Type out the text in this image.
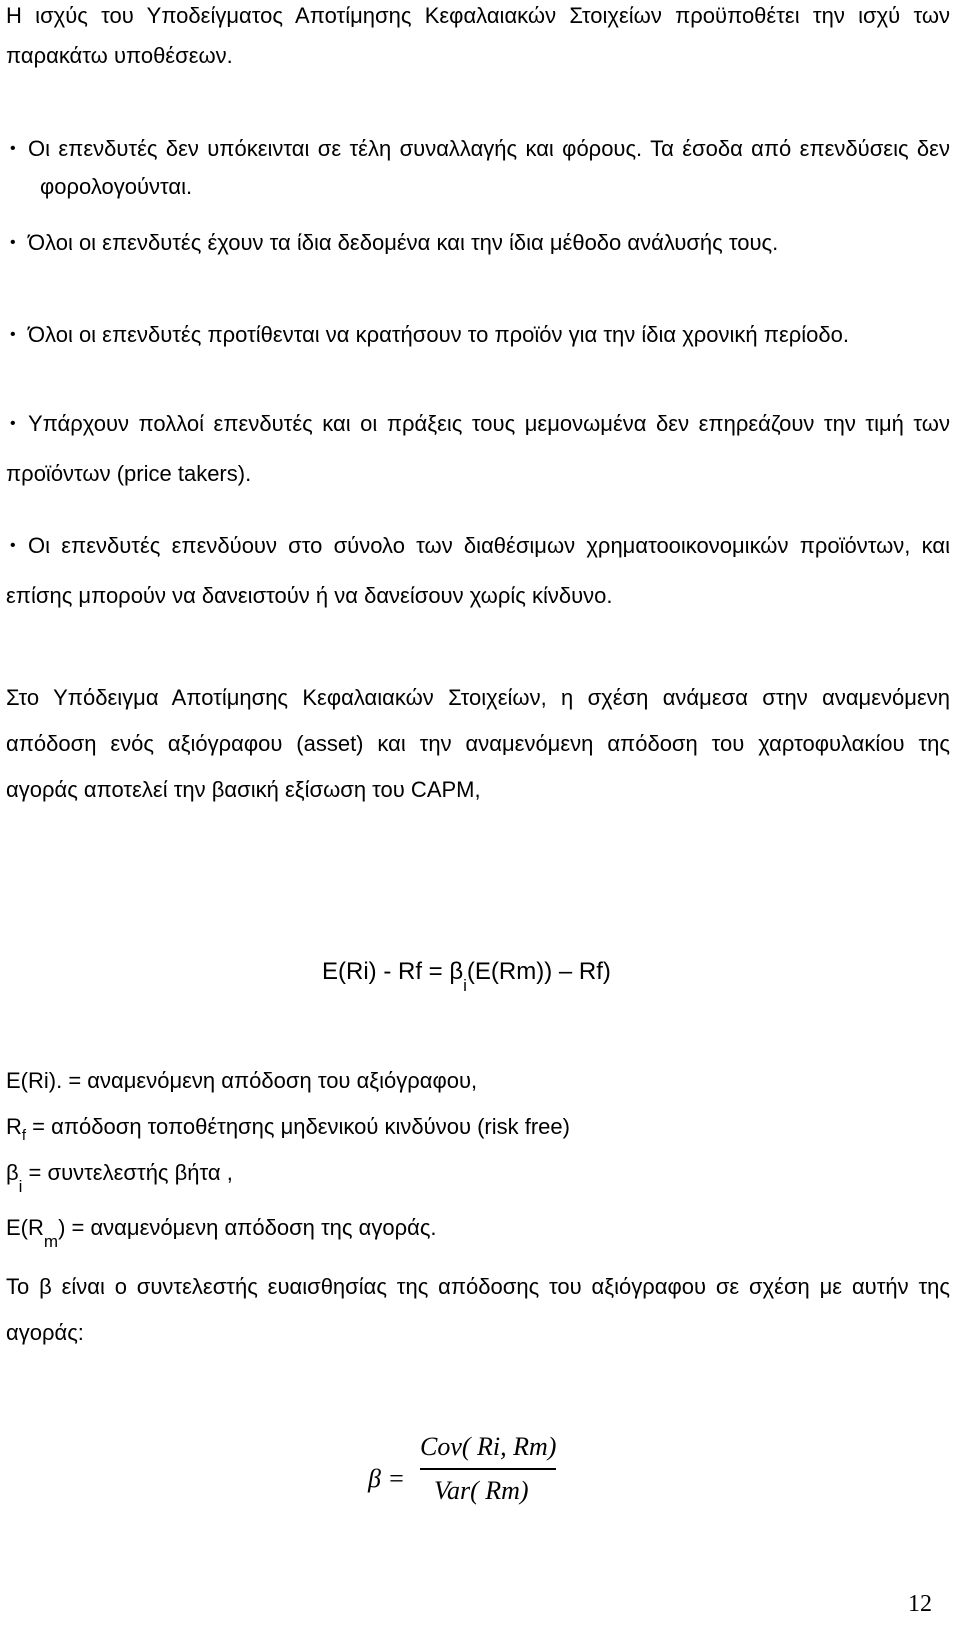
Η ισχύς του Υποδείγματος Αποτίμησης Κεφαλαιακών Στοιχείων προϋποθέτει την ισχύ των
παρακάτω υποθέσεων.
• Οι επενδυτές δεν υπόκεινται σε τέλη συναλλαγής και φόρους. Τα έσοδα από επενδύσεις δεν
φορολογούνται.
• Όλοι οι επενδυτές έχουν τα ίδια δεδομένα και την ίδια μέθοδο ανάλυσής τους.
• Όλοι οι επενδυτές προτίθενται να κρατήσουν το προϊόν για την ίδια χρονική περίοδο.
• Υπάρχουν πολλοί επενδυτές και οι πράξεις τους μεμονωμένα δεν επηρεάζουν την τιμή των
προϊόντων (price takers).
• Οι επενδυτές επενδύουν στο σύνολο των διαθέσιμων χρηματοοικονομικών προϊόντων, και
επίσης μπορούν να δανειστούν ή να δανείσουν χωρίς κίνδυνο.
Στο Υπόδειγμα Αποτίμησης Κεφαλαιακών Στοιχείων, η σχέση ανάμεσα στην αναμενόμενη
απόδοση ενός αξιόγραφου (asset) και την αναμενόμενη απόδοση του χαρτοφυλακίου της
αγοράς αποτελεί την βασική εξίσωση του CAPM,
$E(Ri) - Rf = \beta_i(E(Rm)) - Rf$)
E(Ri). = αναμενόμενη απόδοση του αξιόγραφου,
$R_f = \alpha\pi ό\delta o\sigma\eta$ τοποθέτησης μηδενικού κινδύνου (risk free)
$\beta_i = \sigma\upsilon\nu\tau\varepsilon\lambda\varepsilon\sigma\tau ή\varsigma$ βήτα ,
$E(R_m) = \alpha\nu\alpha\mu\varepsilon\nu ό\mu\varepsilon\nu\eta$ απόδοση της αγοράς.
Το β είναι ο συντελεστής ευαισθησίας της απόδοσης του αξιόγραφου σε σχέση με αυτήν της
αγοράς:
β =
Cov( Ri, Rm)
Var( Rm)
12
